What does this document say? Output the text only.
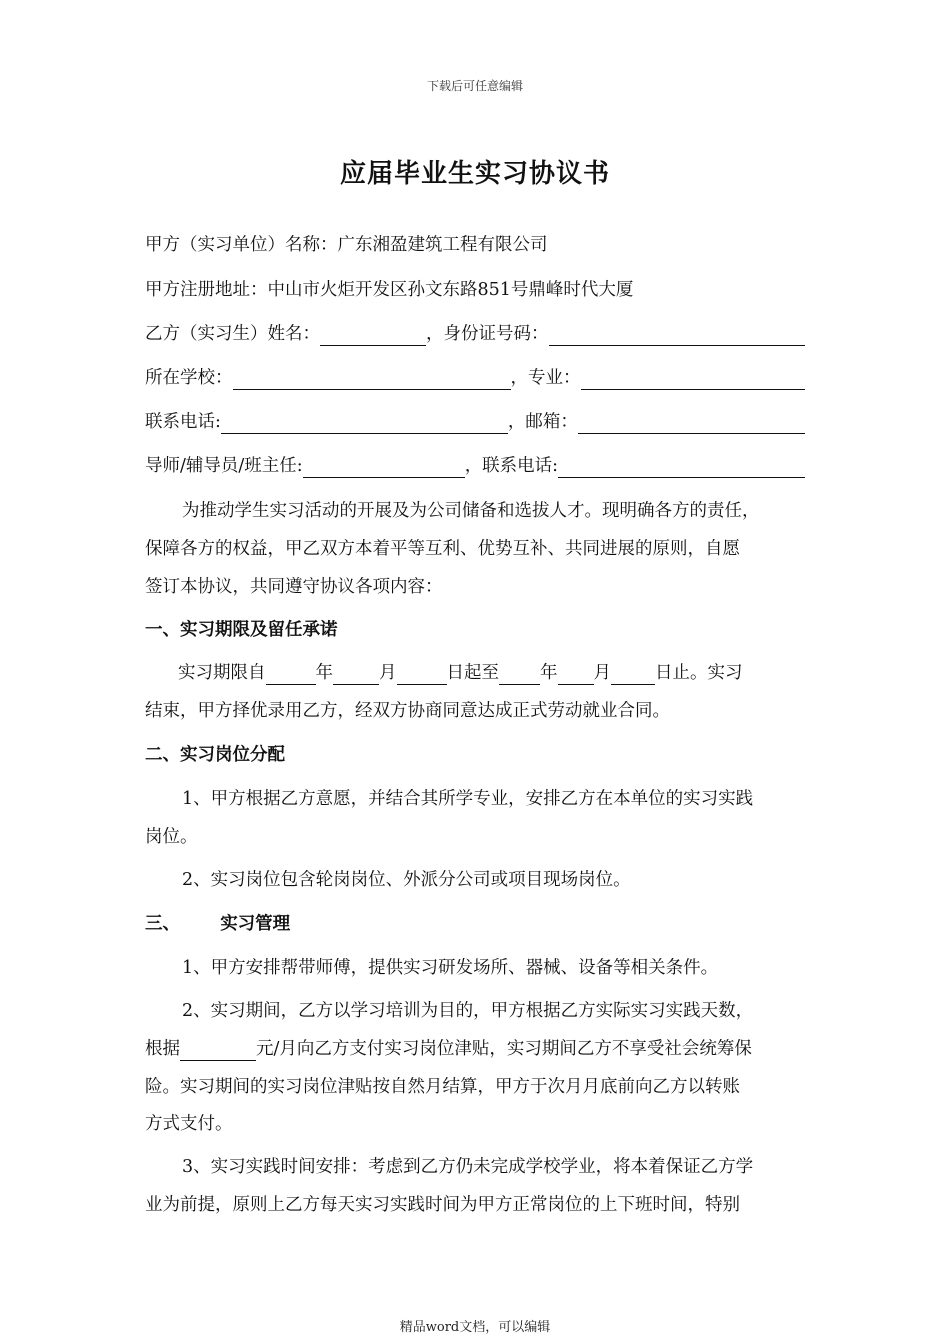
下载后可任意编辑
应届毕业生实习协议书
甲方（实习单位）名称：广东湘盈建筑工程有限公司
甲方注册地址：中山市火炬开发区孙文东路851号鼎峰时代大厦
乙方（实习生）姓名：	，身份证号码：
所在学校：	，专业：
联系电话:	，邮箱：
导师/辅导员/班主任:	，联系电话:
为推动学生实习活动的开展及为公司储备和选拔人才。现明确各方的责任，
保障各方的权益，甲乙双方本着平等互利、优势互补、共同进展的原则，自愿
签订本协议，共同遵守协议各项内容：
一、实习期限及留任承诺
实习期限自	年	月	日起至 年 月	日止。实习
结束，甲方择优录用乙方，经双方协商同意达成正式劳动就业合同。
二、实习岗位分配
1、甲方根据乙方意愿，并结合其所学专业，安排乙方在本单位的实习实践
岗位。
2、实习岗位包含轮岗岗位、外派分公司或项目现场岗位。
三、 实习管理
1、甲方安排帮带师傅，提供实习研发场所、器械、设备等相关条件。
2、实习期间，乙方以学习培训为目的，甲方根据乙方实际实习实践天数，
根据	元/月向乙方支付实习岗位津贴，实习期间乙方不享受社会统筹保
险。实习期间的实习岗位津贴按自然月结算，甲方于次月月底前向乙方以转账
方式支付。
3、实习实践时间安排：考虑到乙方仍未完成学校学业，将本着保证乙方学
业为前提，原则上乙方每天实习实践时间为甲方正常岗位的上下班时间，特别
精品word文档，可以编辑
